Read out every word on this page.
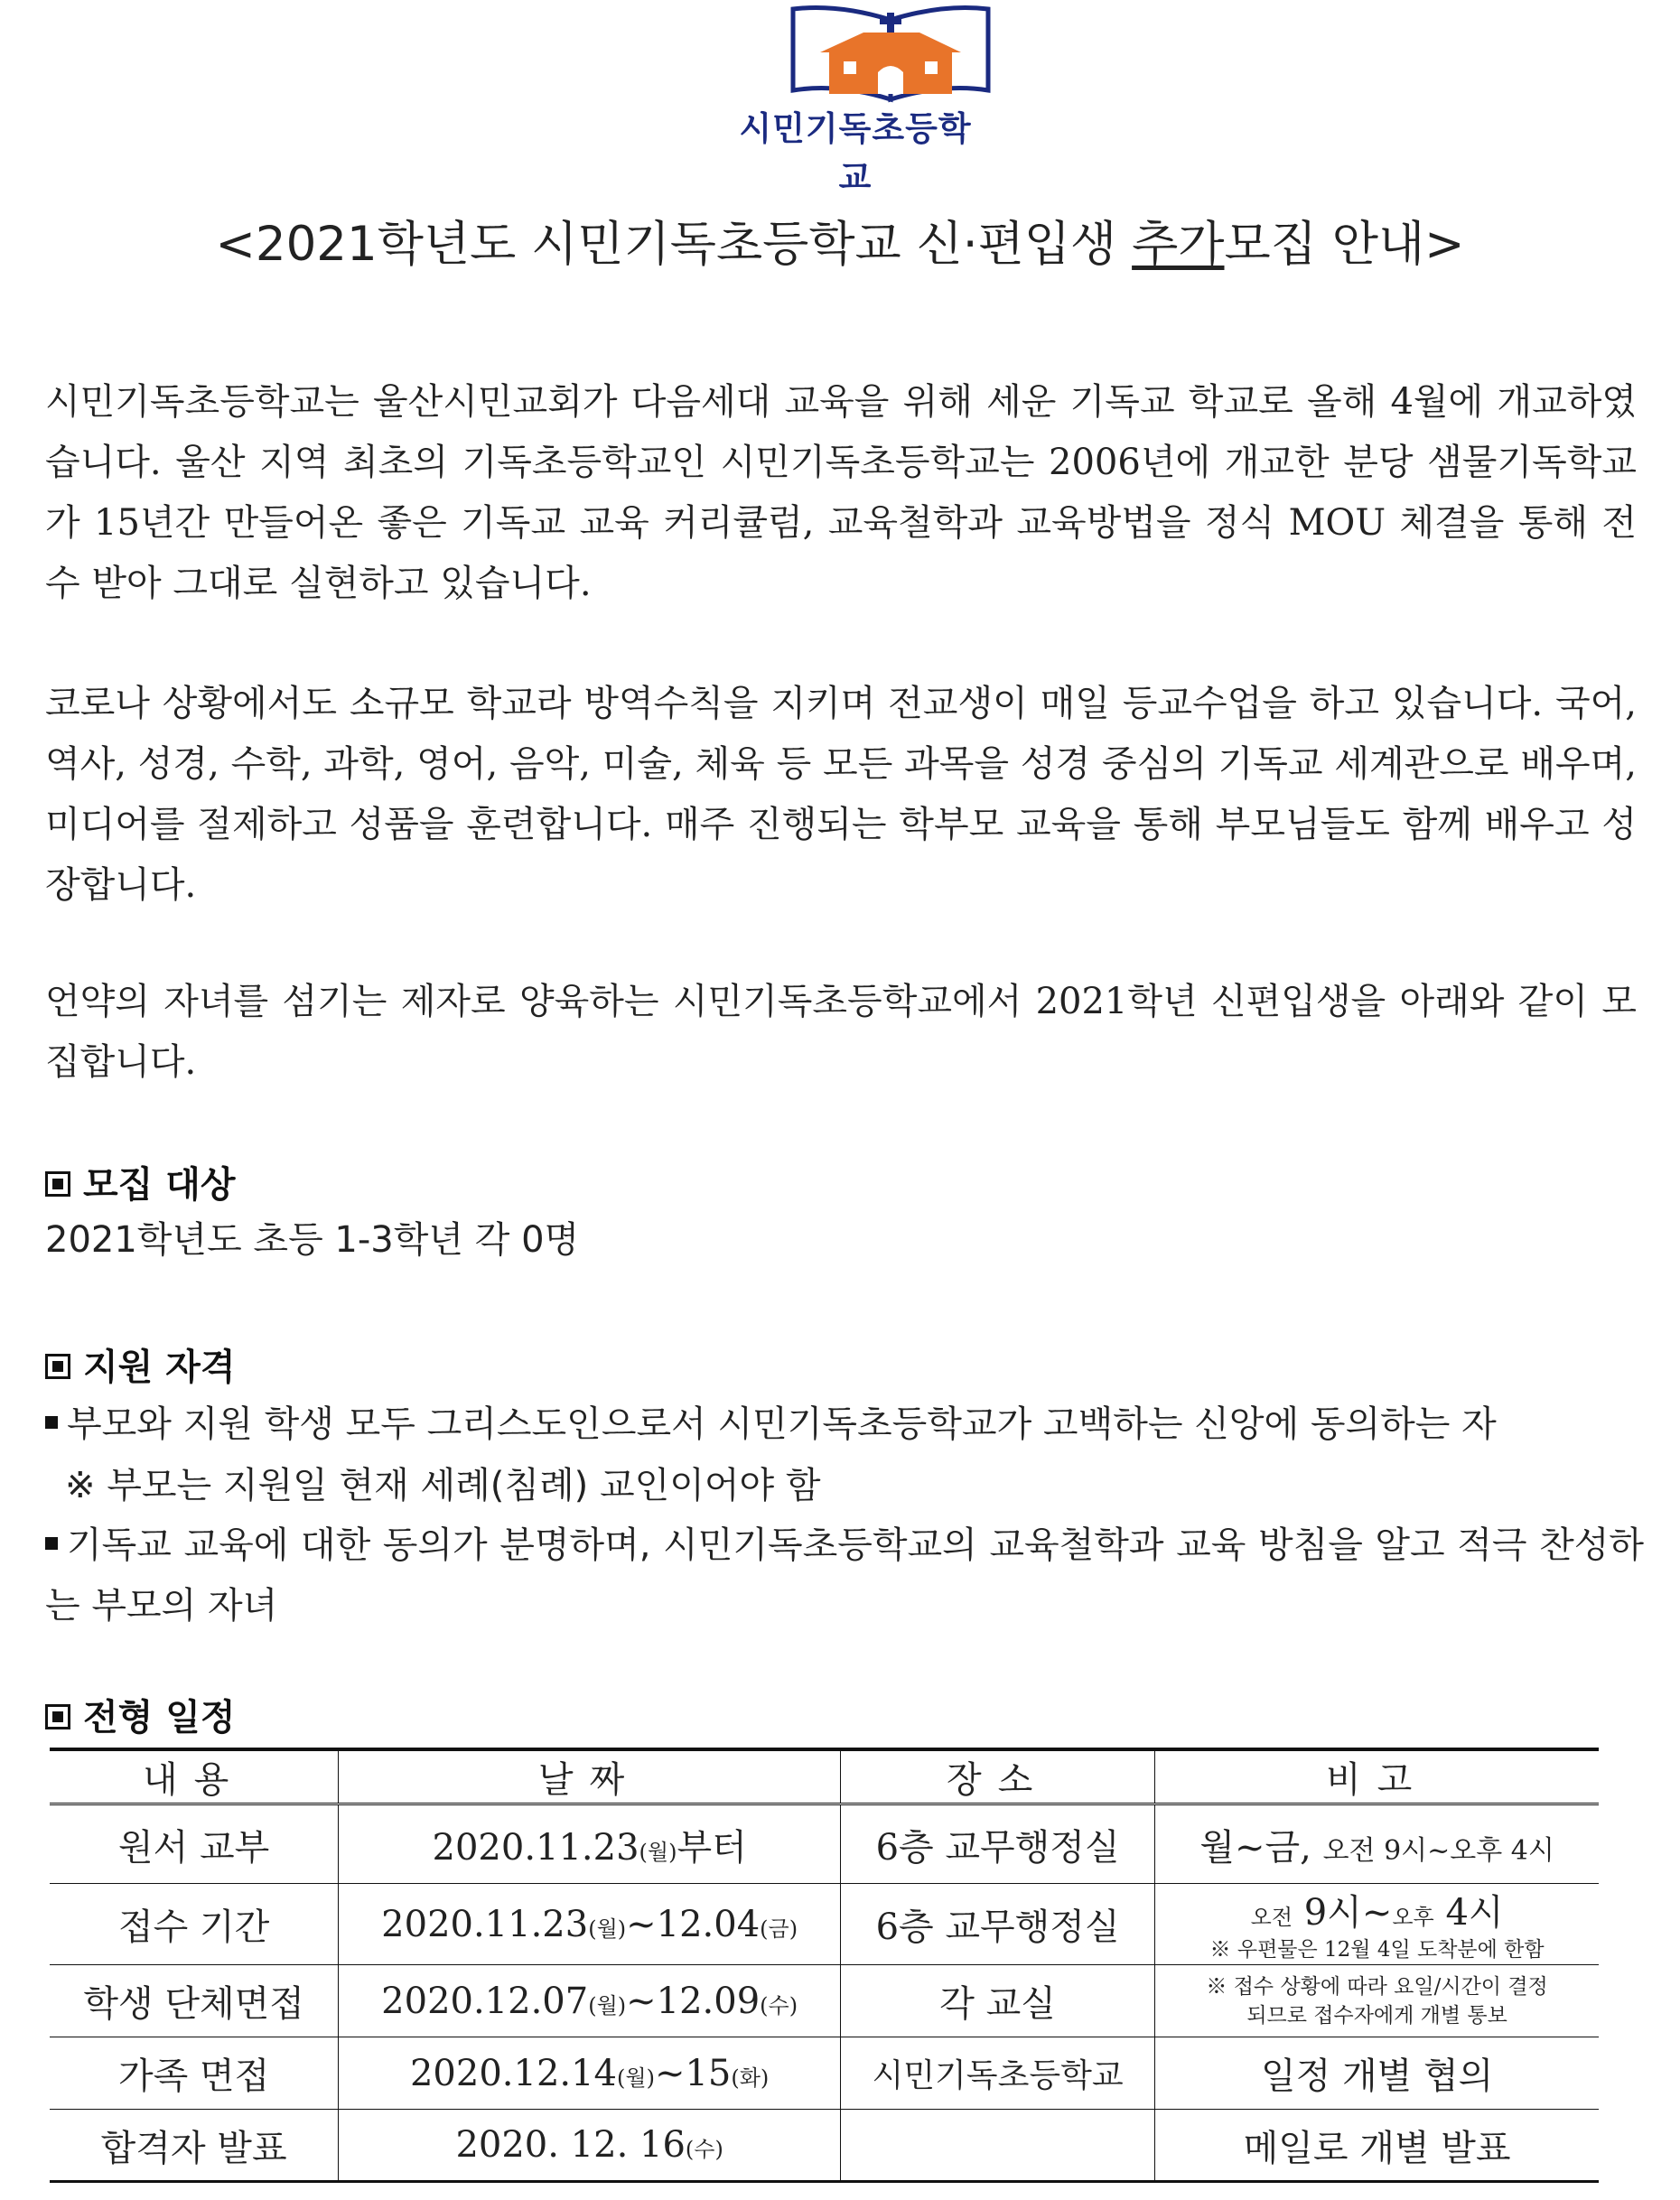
시민기독초등학교
<2021학년도 시민기독초등학교 신·편입생 추가모집 안내>
시민기독초등학교는 울산시민교회가 다음세대 교육을 위해 세운 기독교 학교로 올해 4월에 개교하였습니다. 울산 지역 최초의 기독초등학교인 시민기독초등학교는 2006년에 개교한 분당 샘물기독학교가 15년간 만들어온 좋은 기독교 교육 커리큘럼, 교육철학과 교육방법을 정식 MOU 체결을 통해 전수 받아 그대로 실현하고 있습니다.
코로나 상황에서도 소규모 학교라 방역수칙을 지키며 전교생이 매일 등교수업을 하고 있습니다. 국어, 역사, 성경, 수학, 과학, 영어, 음악, 미술, 체육 등 모든 과목을 성경 중심의 기독교 세계관으로 배우며, 미디어를 절제하고 성품을 훈련합니다. 매주 진행되는 학부모 교육을 통해 부모님들도 함께 배우고 성장합니다.
언약의 자녀를 섬기는 제자로 양육하는 시민기독초등학교에서 2021학년 신편입생을 아래와 같이 모집합니다.
모집 대상
2021학년도 초등 1-3학년 각 0명
지원 자격
부모와 지원 학생 모두 그리스도인으로서 시민기독초등학교가 고백하는 신앙에 동의하는 자
※ 부모는 지원일 현재 세례(침례) 교인이어야 함
기독교 교육에 대한 동의가 분명하며, 시민기독초등학교의 교육철학과 교육 방침을 알고 적극 찬성하는 부모의 자녀
전형 일정
내용	날짜	장소	비고
원서 교부	2020.11.23(월)부터	6층 교무행정실	월~금, 오전 9시~오후 4시
접수 기간	2020.11.23(월)~12.04(금)	6층 교무행정실	오전 9시~오후 4시
※ 우편물은 12월 4일 도착분에 한함

학생 단체면접	2020.12.07(월)~12.09(수)	각 교실	※ 접수 상황에 따라 요일/시간이 결정
되므로 접수자에게 개별 통보

가족 면접	2020.12.14(월)~15(화)	시민기독초등학교	일정 개별 협의
합격자 발표	2020. 12. 16(수)		메일로 개별 발표
